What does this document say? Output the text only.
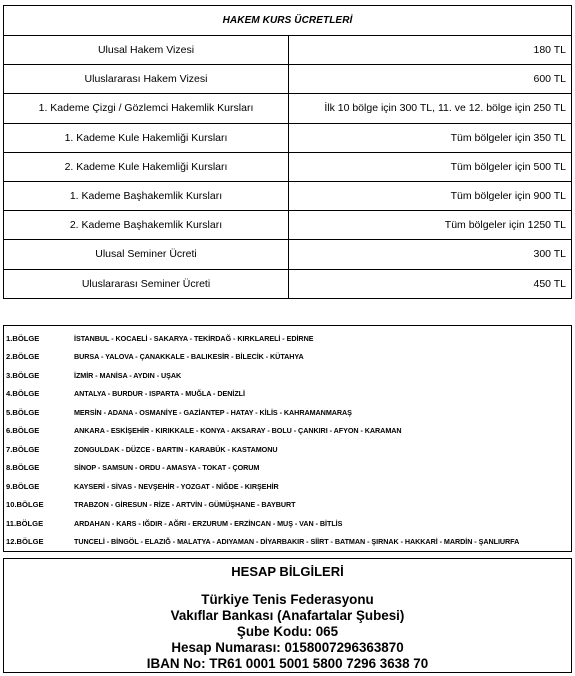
HAKEM KURS ÜCRETLERİ
Ulusal Hakem Vizesi	180 TL
Uluslararası Hakem Vizesi	600 TL
1. Kademe Çizgi / Gözlemci Hakemlik Kursları	İlk 10 bölge için 300 TL, 11. ve 12. bölge için 250 TL
1. Kademe Kule Hakemliği Kursları	Tüm bölgeler için 350 TL
2. Kademe Kule Hakemliği Kursları	Tüm bölgeler için 500 TL
1. Kademe Başhakemlik Kursları	Tüm bölgeler için 900 TL
2. Kademe Başhakemlik Kursları	Tüm bölgeler için 1250 TL
Ulusal Seminer Ücreti	300 TL
Uluslararası Seminer Ücreti	450 TL
1.BÖLGE	İSTANBUL - KOCAELİ - SAKARYA - TEKİRDAĞ - KIRKLARELİ - EDİRNE
2.BÖLGE	BURSA - YALOVA - ÇANAKKALE - BALIKESİR - BİLECİK - KÜTAHYA
3.BÖLGE	İZMİR - MANİSA - AYDIN - UŞAK
4.BÖLGE	ANTALYA - BURDUR - ISPARTA - MUĞLA - DENİZLİ
5.BÖLGE	MERSİN - ADANA - OSMANİYE - GAZİANTEP - HATAY - KİLİS - KAHRAMANMARAŞ
6.BÖLGE	ANKARA - ESKİŞEHİR - KIRIKKALE - KONYA - AKSARAY - BOLU - ÇANKIRI - AFYON - KARAMAN
7.BÖLGE	ZONGULDAK - DÜZCE - BARTIN - KARABÜK - KASTAMONU
8.BÖLGE	SİNOP - SAMSUN - ORDU - AMASYA - TOKAT - ÇORUM
9.BÖLGE	KAYSERİ - SİVAS - NEVŞEHİR - YOZGAT - NİĞDE - KIRŞEHİR
10.BÖLGE	TRABZON - GİRESUN - RİZE - ARTVİN - GÜMÜŞHANE - BAYBURT
11.BÖLGE	ARDAHAN - KARS - IĞDIR - AĞRI - ERZURUM - ERZİNCAN - MUŞ - VAN - BİTLİS
12.BÖLGE	TUNCELİ - BİNGÖL - ELAZIĞ - MALATYA - ADIYAMAN - DİYARBAKIR - SİİRT - BATMAN - ŞIRNAK - HAKKARİ - MARDİN - ŞANLIURFA
HESAP BİLGİLERİ
Türkiye Tenis Federasyonu
Vakıflar Bankası (Anafartalar Şubesi)
Şube Kodu: 065
Hesap Numarası: 0158007296363870
IBAN No: TR61 0001 5001 5800 7296 3638 70
